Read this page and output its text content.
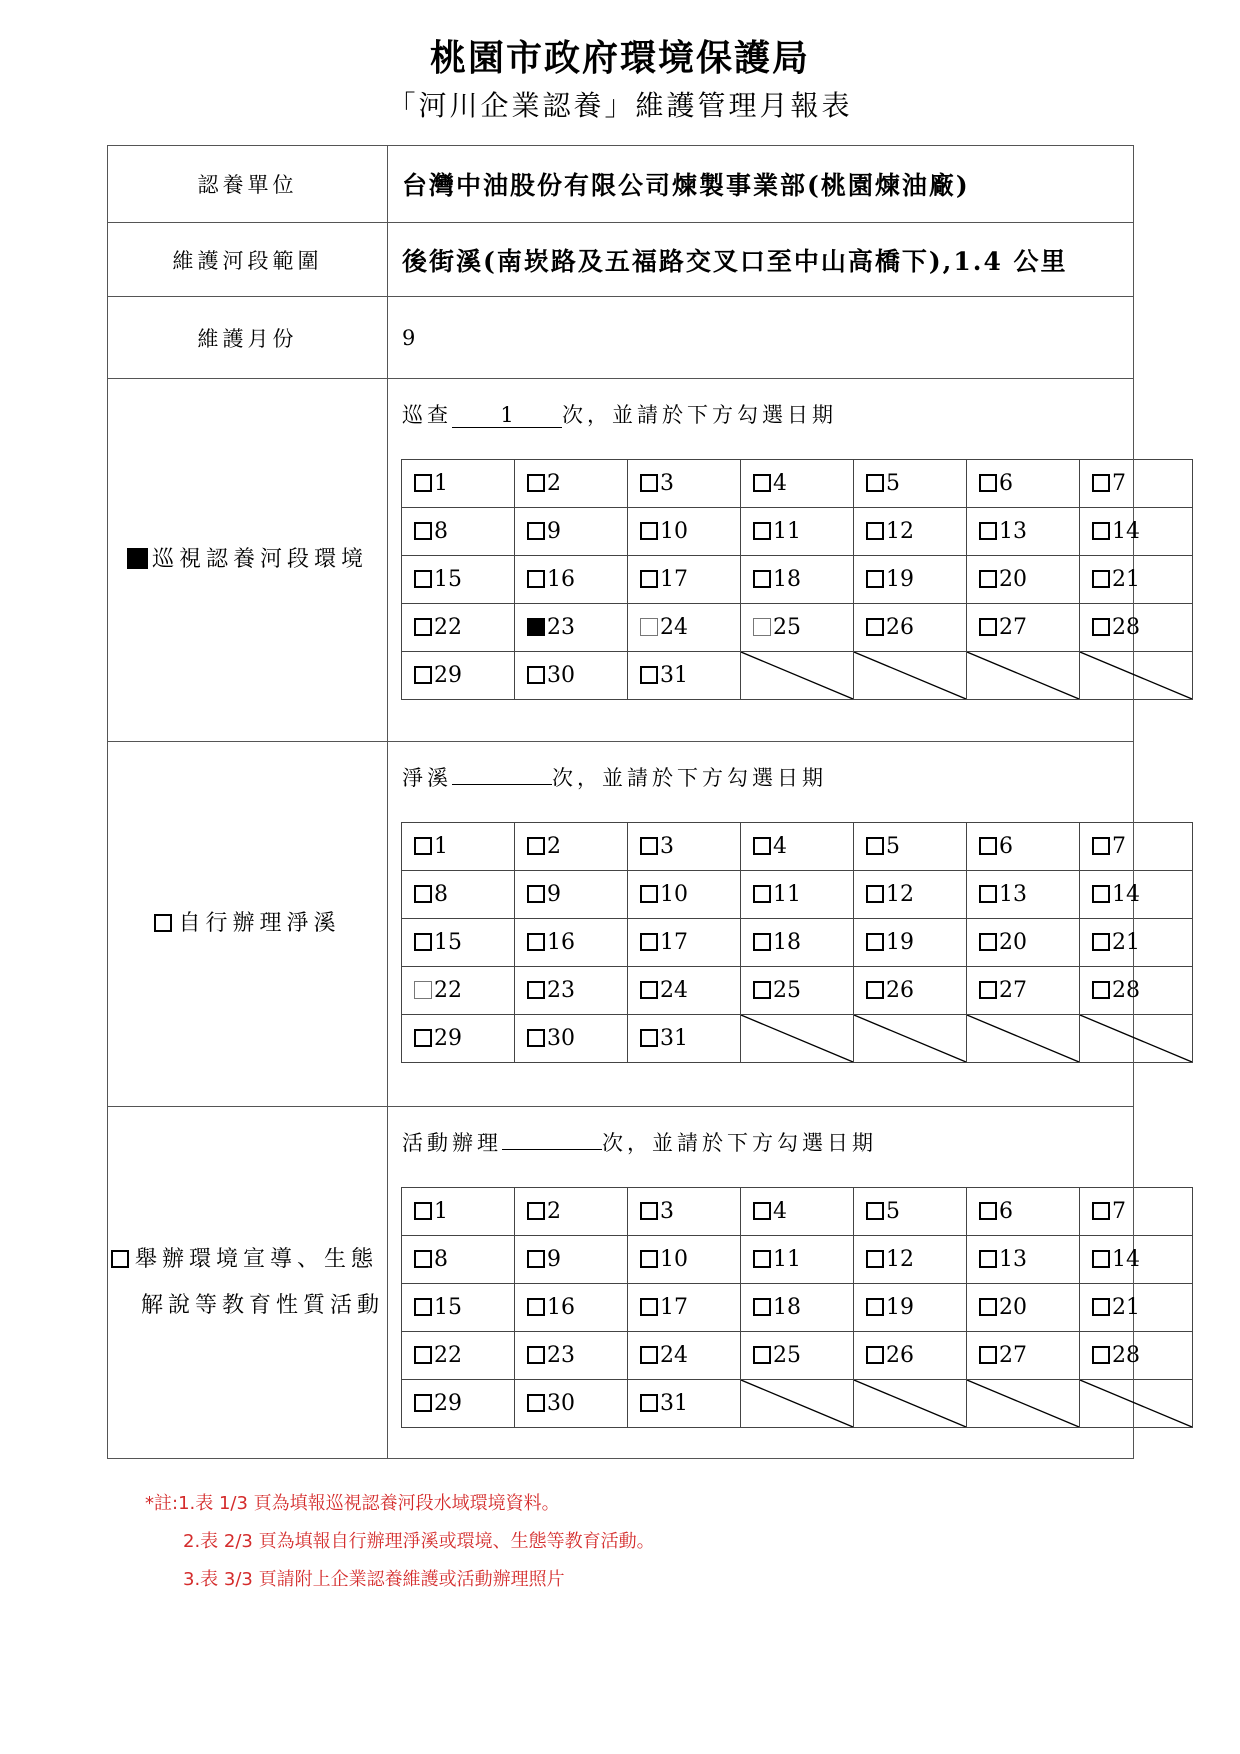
桃園市政府環境保護局
「河川企業認養」維護管理月報表
認養單位	台灣中油股份有限公司煉製事業部(桃園煉油廠)
維護河段範圍	後街溪(南崁路及五福路交叉口至中山高橋下),1.4 公里
維護月份	9
巡視認養河段環境	
巡查 1 次，並請於下方勾選日期
1	2	3	4	5	6	7
8	9	10	11	12	13	14
15	16	17	18	19	20	21
22	23	24	25	26	27	28
29	30	31	

自行辦理淨溪	
淨溪	次，並請於下方勾選日期
1	2	3	4	5	6	7
8	9	10	11	12	13	14
15	16	17	18	19	20	21
22	23	24	25	26	27	28
29	30	31	

舉辦環境宣導、生態
解說等教育性質活動	
活動辦理	次，並請於下方勾選日期
1	2	3	4	5	6	7
8	9	10	11	12	13	14
15	16	17	18	19	20	21
22	23	24	25	26	27	28
29	30	31	

*註:1.表 1/3 頁為填報巡視認養河段水域環境資料。
2.表 2/3 頁為填報自行辦理淨溪或環境、生態等教育活動。
3.表 3/3 頁請附上企業認養維護或活動辦理照片
